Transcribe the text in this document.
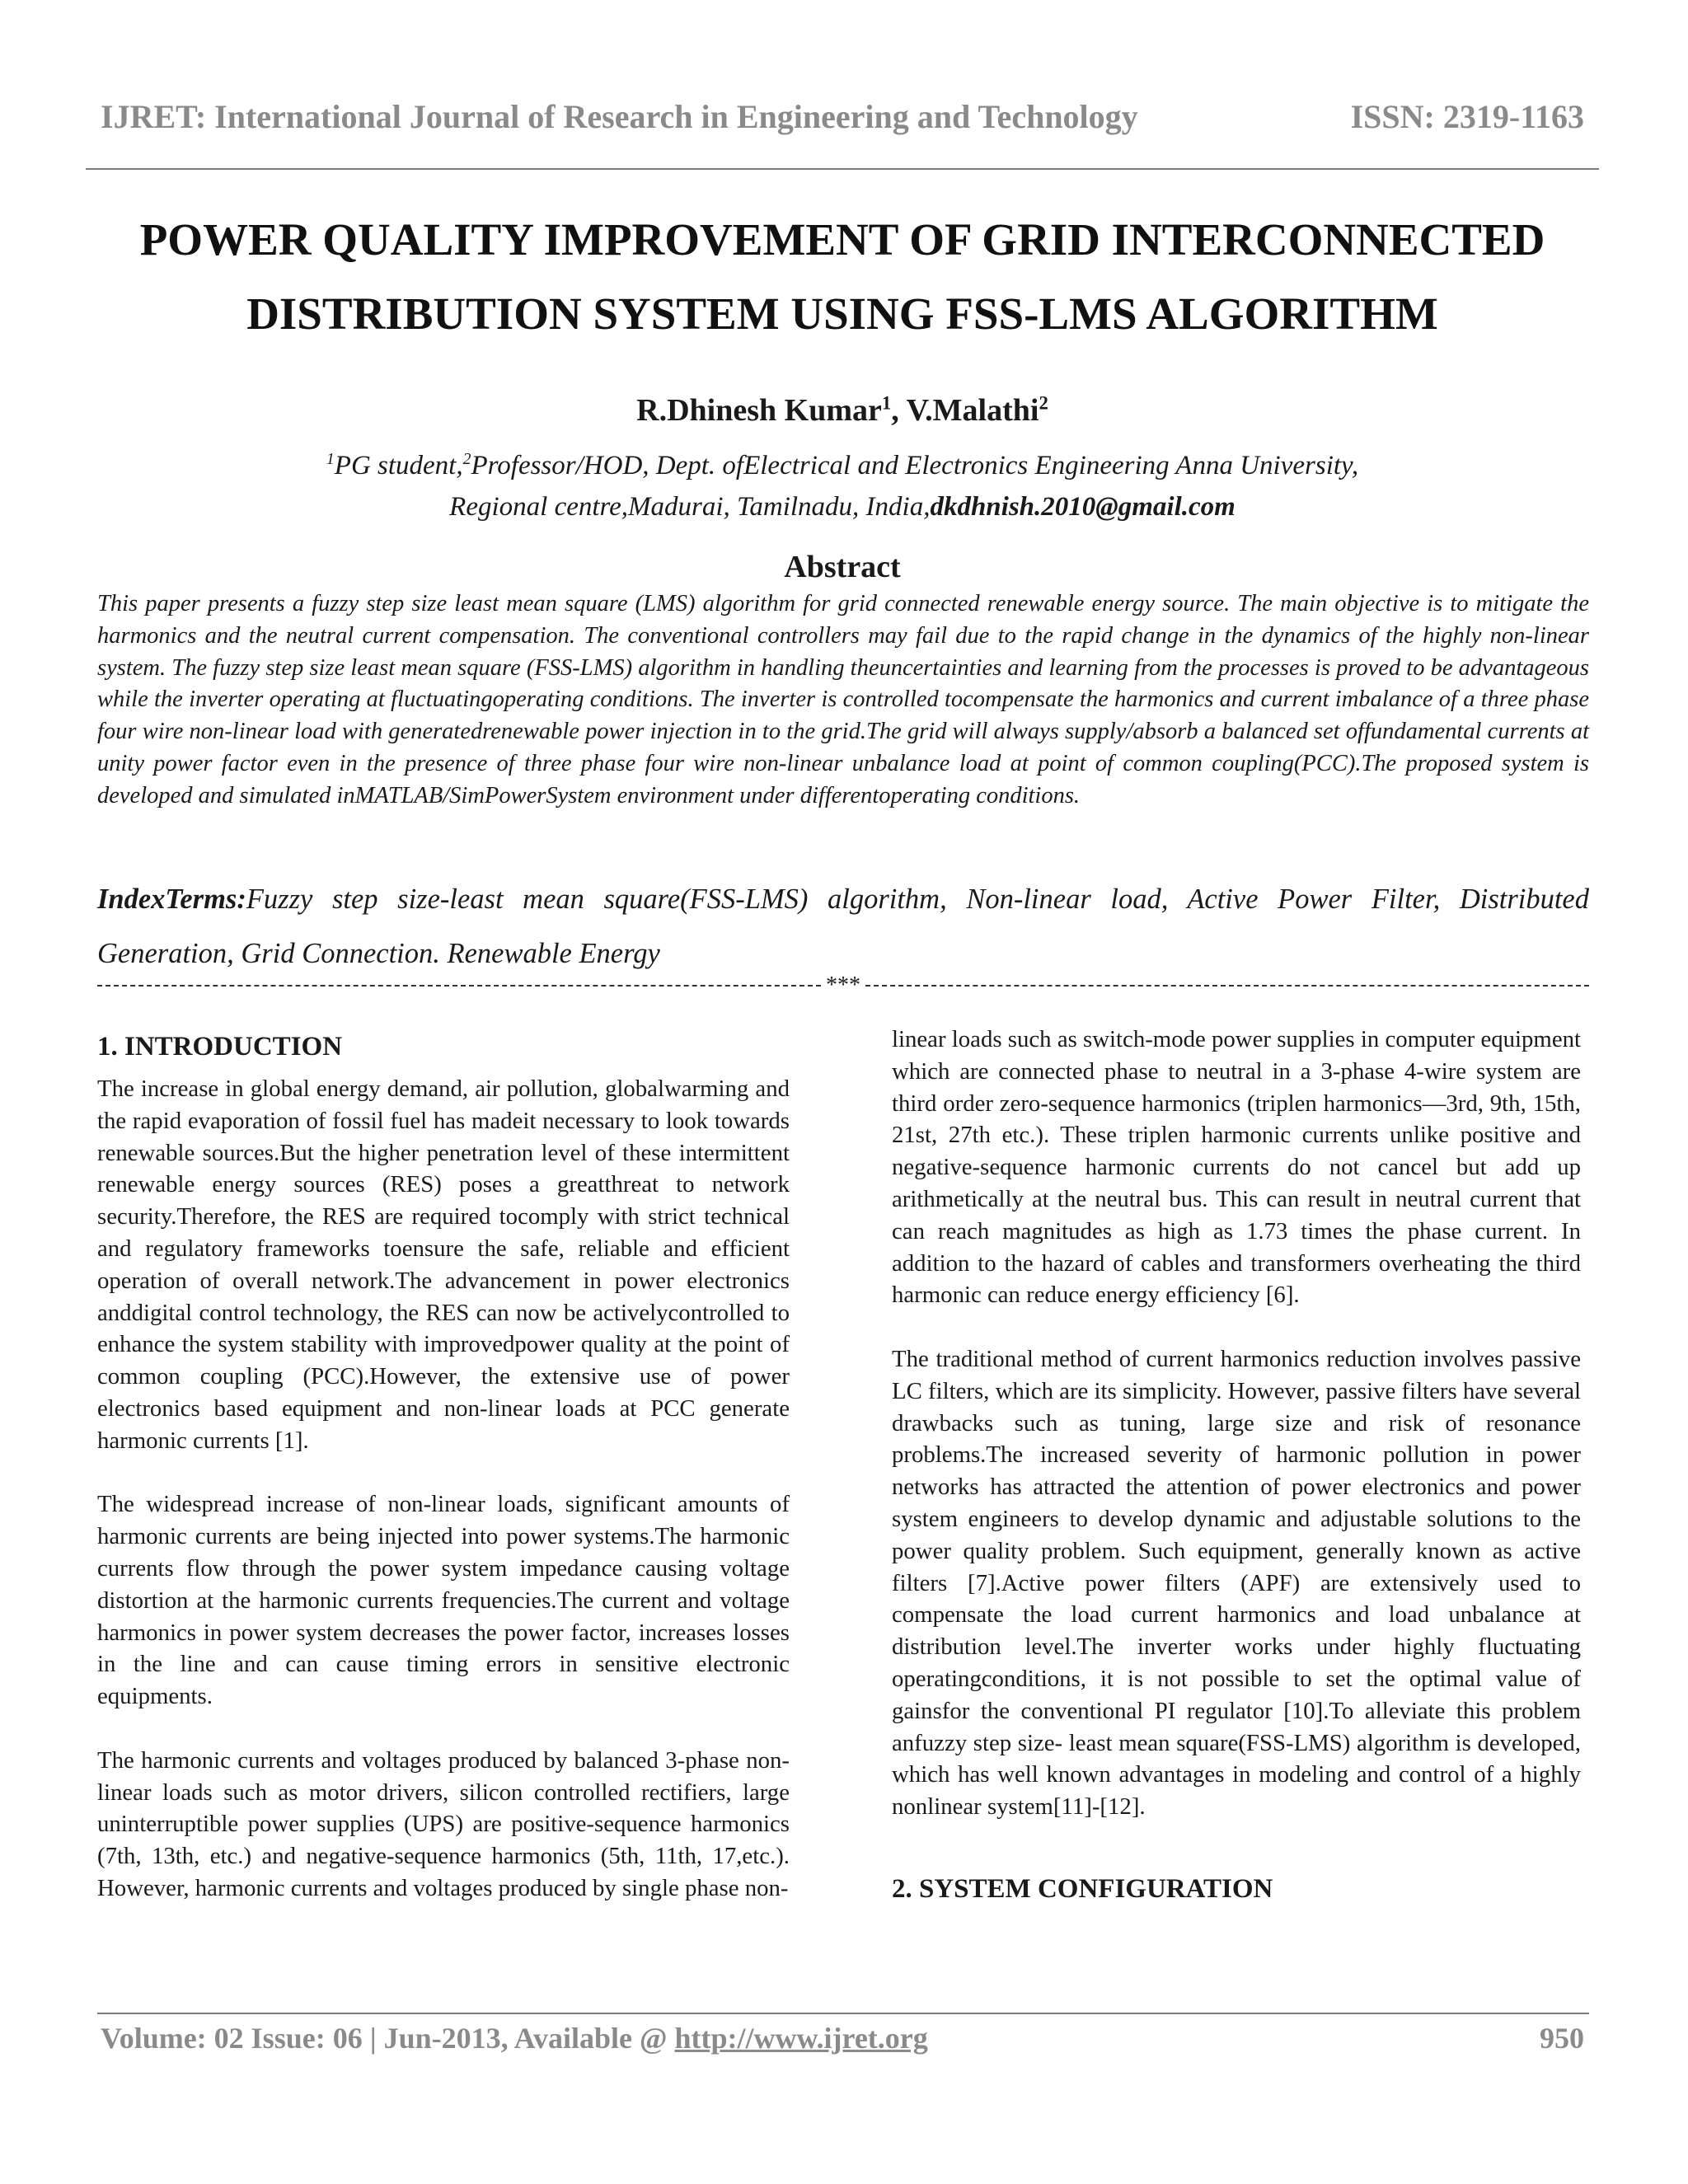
IJRET: International Journal of Research in Engineering and Technology	ISSN: 2319-1163
POWER QUALITY IMPROVEMENT OF GRID INTERCONNECTED
DISTRIBUTION SYSTEM USING FSS-LMS ALGORITHM
R.Dhinesh Kumar$^1$, V.Malathi$^2$
$^1$PG student,$^2$Professor/HOD, Dept. ofElectrical and Electronics Engineering Anna University,
Regional centre,Madurai, Tamilnadu, India,dkdhnish.2010@gmail.com
Abstract
This paper presents a fuzzy step size least mean square (LMS) algorithm for grid connected renewable energy source. The main objective is to mitigate the harmonics and the neutral current compensation. The conventional controllers may fail due to the rapid change in the dynamics of the highly non-linear system. The fuzzy step size least mean square (FSS-LMS) algorithm in handling theuncertainties and learning from the processes is proved to be advantageous while the inverter operating at fluctuatingoperating conditions. The inverter is controlled tocompensate the harmonics and current imbalance of a three phase four wire non-linear load with generatedrenewable power injection in to the grid.The grid will always supply/absorb a balanced set offundamental currents at unity power factor even in the presence of three phase four wire non-linear unbalance load at point of common coupling(PCC).The proposed system is developed and simulated inMATLAB/SimPowerSystem environment under differentoperating conditions.
IndexTerms:Fuzzy step size-least mean square(FSS-LMS) algorithm, Non-linear load, Active Power Filter, Distributed Generation, Grid Connection. Renewable Energy
***
1. INTRODUCTION

The increase in global energy demand, air pollution, globalwarming and the rapid evaporation of fossil fuel has madeit necessary to look towards renewable sources.But the higher penetration level of these intermittent renewable energy sources (RES) poses a greatthreat to network security.Therefore, the RES are required tocomply with strict technical and regulatory frameworks toensure the safe, reliable and efficient operation of overall network.The advancement in power electronics anddigital control technology, the RES can now be activelycontrolled to enhance the system stability with improvedpower quality at the point of common coupling (PCC).However, the extensive use of power electronics based equipment and non-linear loads at PCC generate harmonic currents [1].

The widespread increase of non-linear loads, significant amounts of harmonic currents are being injected into power systems.The harmonic currents flow through the power system impedance causing voltage distortion at the harmonic currents frequencies.The current and voltage harmonics in power system decreases the power factor, increases losses in the line and can cause timing errors in sensitive electronic equipments.

The harmonic currents and voltages produced by balanced 3-phase non-linear loads such as motor drivers, silicon controlled rectifiers, large uninterruptible power supplies (UPS) are positive-sequence harmonics (7th, 13th, etc.) and negative-sequence harmonics (5th, 11th, 17,etc.). However, harmonic currents and voltages produced by single phase non-

linear loads such as switch-mode power supplies in computer equipment which are connected phase to neutral in a 3-phase 4-wire system are third order zero-sequence harmonics (triplen harmonics—3rd, 9th, 15th, 21st, 27th etc.). These triplen harmonic currents unlike positive and negative-sequence harmonic currents do not cancel but add up arithmetically at the neutral bus. This can result in neutral current that can reach magnitudes as high as 1.73 times the phase current. In addition to the hazard of cables and transformers overheating the third harmonic can reduce energy efficiency [6].

The traditional method of current harmonics reduction involves passive LC filters, which are its simplicity. However, passive filters have several drawbacks such as tuning, large size and risk of resonance problems.The increased severity of harmonic pollution in power networks has attracted the attention of power electronics and power system engineers to develop dynamic and adjustable solutions to the power quality problem. Such equipment, generally known as active filters [7].Active power filters (APF) are extensively used to compensate the load current harmonics and load unbalance at distribution level.The inverter works under highly fluctuating operatingconditions, it is not possible to set the optimal value of gainsfor the conventional PI regulator [10].To alleviate this problem anfuzzy step size- least mean square(FSS-LMS) algorithm is developed, which has well known advantages in modeling and control of a highly nonlinear system[11]-[12].

2. SYSTEM CONFIGURATION
Volume: 02 Issue: 06 | Jun-2013, Available @ http://www.ijret.org	950
